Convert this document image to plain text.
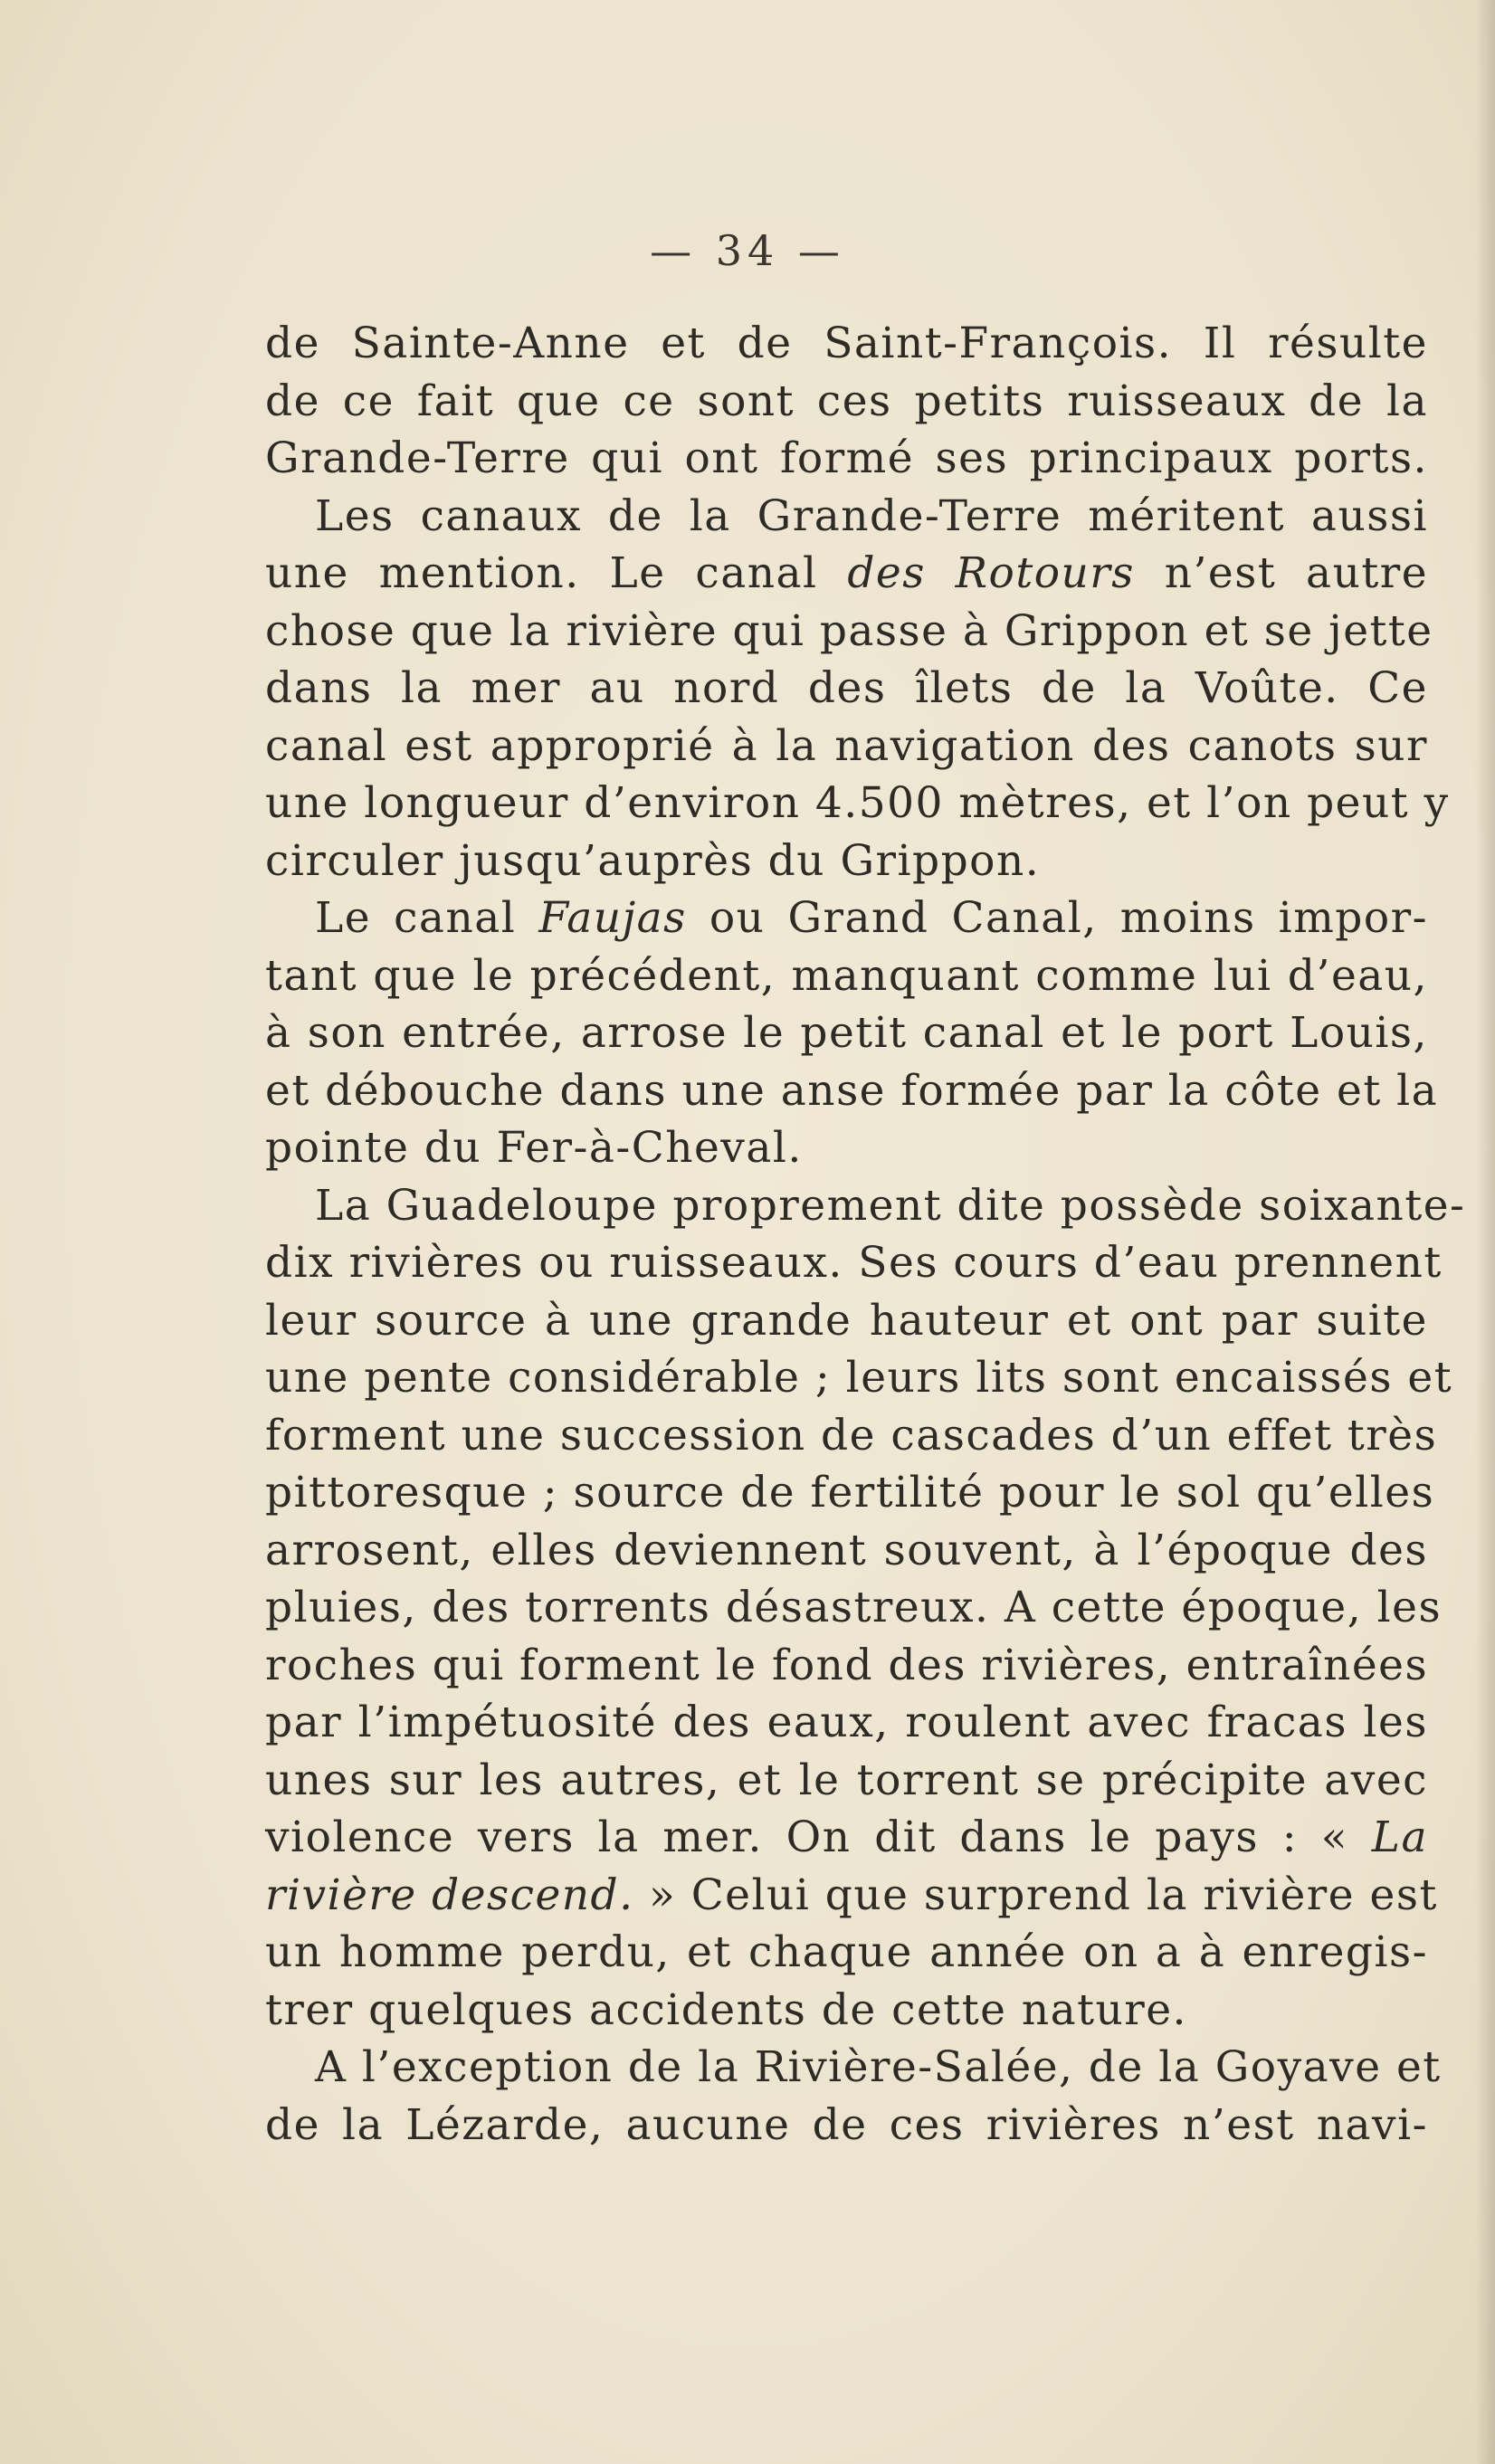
— 34 —
de Sainte-Anne et de Saint-François. Il résulte
de ce fait que ce sont ces petits ruisseaux de la
Grande-Terre qui ont formé ses principaux ports.
Les canaux de la Grande-Terre méritent aussi
une mention. Le canal des Rotours n’est autre
chose que la rivière qui passe à Grippon et se jette
dans la mer au nord des îlets de la Voûte. Ce
canal est approprié à la navigation des canots sur
une longueur d’environ 4.500 mètres, et l’on peut y
circuler jusqu’auprès du Grippon.
Le canal Faujas ou Grand Canal, moins impor-
tant que le précédent, manquant comme lui d’eau,
à son entrée, arrose le petit canal et le port Louis,
et débouche dans une anse formée par la côte et la
pointe du Fer-à-Cheval.
La Guadeloupe proprement dite possède soixante-
dix rivières ou ruisseaux. Ses cours d’eau prennent
leur source à une grande hauteur et ont par suite
une pente considérable ; leurs lits sont encaissés et
forment une succession de cascades d’un effet très
pittoresque ; source de fertilité pour le sol qu’elles
arrosent, elles deviennent souvent, à l’époque des
pluies, des torrents désastreux. A cette époque, les
roches qui forment le fond des rivières, entraînées
par l’impétuosité des eaux, roulent avec fracas les
unes sur les autres, et le torrent se précipite avec
violence vers la mer. On dit dans le pays : « La
rivière descend. » Celui que surprend la rivière est
un homme perdu, et chaque année on a à enregis-
trer quelques accidents de cette nature.
A l’exception de la Rivière-Salée, de la Goyave et
de la Lézarde, aucune de ces rivières n’est navi-
